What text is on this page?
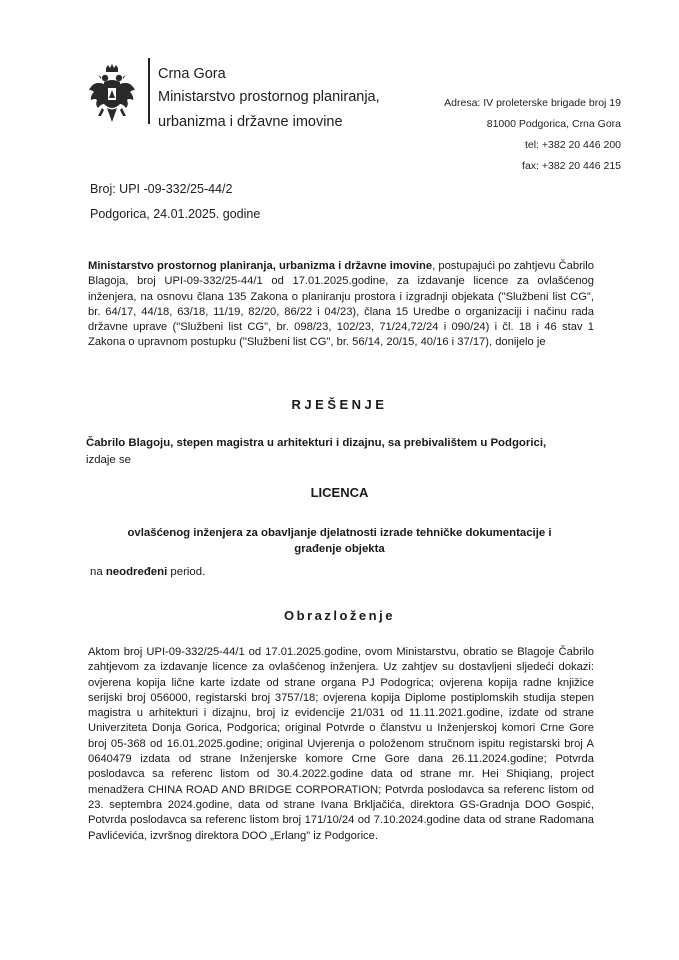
Crna Gora
Ministarstvo prostornog planiranja,
urbanizma i državne imovine
Adresa: IV proleterske brigade broj 19
81000 Podgorica, Crna Gora
tel: +382 20 446 200
fax: +382 20 446 215
Broj: UPI -09-332/25-44/2
Podgorica, 24.01.2025. godine
Ministarstvo prostornog planiranja, urbanizma i državne imovine, postupajući po zahtjevu Čabrilo Blagoja, broj UPI-09-332/25-44/1 od 17.01.2025.godine, za izdavanje licence za ovlašćenog inženjera, na osnovu člana 135 Zakona o planiranju prostora i izgradnji objekata ("Službeni list CG", br. 64/17, 44/18, 63/18, 11/19, 82/20, 86/22 i 04/23), člana 15 Uredbe o organizaciji i načinu rada državne uprave ("Službeni list CG", br. 098/23, 102/23, 71/24,72/24 i 090/24) i čl. 18 i 46 stav 1 Zakona o upravnom postupku ("Službeni list CG", br. 56/14, 20/15, 40/16 i 37/17), donijelo je
RJEŠENJE
Čabrilo Blagoju, stepen magistra u arhitekturi i dizajnu, sa prebivalištem u Podgorici,
izdaje se
LICENCA
ovlašćenog inženjera za obavljanje djelatnosti izrade tehničke dokumentacije i
građenje objekta
na neodređeni period.
Obrazloženje
Aktom broj UPI-09-332/25-44/1 od 17.01.2025.godine, ovom Ministarstvu, obratio se Blagoje Čabrilo zahtjevom za izdavanje licence za ovlašćenog inženjera. Uz zahtjev su dostavljeni sljedeći dokazi: ovjerena kopija lične karte izdate od strane organa PJ Podogrica; ovjerena kopija radne knjižice serijski broj 056000, registarski broj 3757/18; ovjerena kopija Diplome postiplomskih studija stepen magistra u arhitekturi i dizajnu, broj iz evidencije 21/031 od 11.11.2021.godine, izdate od strane Univerziteta Donja Gorica, Podgorica; original Potvrde o članstvu u Inženjerskoj komori Crne Gore broj 05-368 od 16.01.2025.godine; original Uvjerenja o položenom stručnom ispitu registarski broj A 0640479 izdata od strane Inženjerske komore Crne Gore dana 26.11.2024.godine; Potvrda poslodavca sa referenc listom od 30.4.2022.godine data od strane mr. Hei Shiqiang, project menadžera CHINA ROAD AND BRIDGE CORPORATION; Potvrda poslodavca sa referenc listom od 23. septembra 2024.godine, data od strane Ivana Brkljačića, direktora GS-Gradnja DOO Gospić, Potvrda poslodavca sa referenc listom broj 171/10/24 od 7.10.2024.godine data od strane Radomana Pavlićevića, izvršnog direktora DOO „Erlang" iz Podgorice.
